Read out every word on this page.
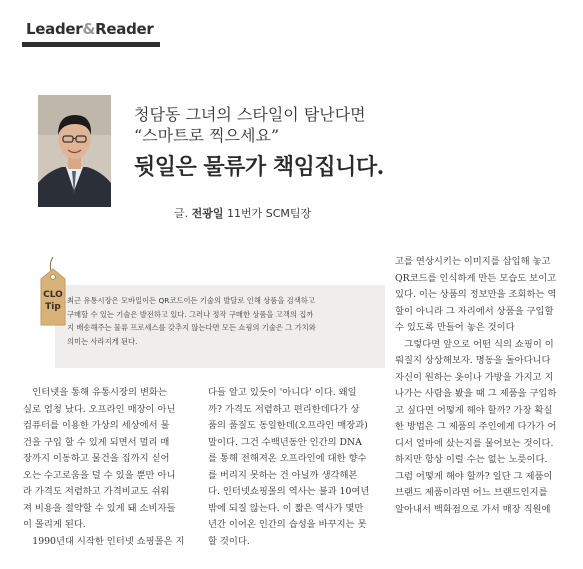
Leader&Reader
청담동 그녀의 스타일이 탐난다면
“스마트로 찍으세요”
뒷일은 물류가 책임집니다.
글. 전광일 11번가 SCM팀장
CLO
Tip
최근 유통시장은 모바일이든 QR코드이든 기술의 발달로 인해 상품을 검색하고
구매할 수 있는 기술은 발전하고 있다. 그러나 정작 구매한 상품을 고객의 집까
지 배송해주는 물류 프로세스를 갖추지 않는다면 모든 쇼핑의 기술은 그 가치와
의미는 사라지게 된다.
　인터넷을 통해 유통시장의 변화는
실로 엄청 났다. 오프라인 매장이 아닌
컴퓨터를 이용한 가상의 세상에서 물
건을 구입 할 수 있게 되면서 멀리 매
장까지 이동하고 물건을 집까지 싣어
오는 수고로움을 덜 수 있을 뿐만 아니
라 가격도 저렴하고 가격비교도 쉬워
져 비용을 절약할 수 있게 돼 소비자들
이 몰리게 된다.
　1990년대 시작한 인터넷 쇼핑몰은 지
다들 알고 있듯이 '아니다' 이다. 왜일
까? 가격도 저렴하고 편리한데다가 상
품의 품질도 동일한데(오프라인 매장과)
말이다. 그건 수백년동안 인간의 DNA
를 통해 전해져온 오프라인에 대한 향수
를 버리지 못하는 건 아닐까 생각해본
다. 인터넷쇼핑몰의 역사는 불과 10여년
밖에 되질 않는다. 이 짧은 역사가 몇만
년간 이어온 인간의 습성을 바꾸지는 못
할 것이다.
고를 연상시키는 이미지를 삽입해 놓고
QR코드를 인식하게 만든 모습도 보이고
있다. 이는 상품의 정보만을 조회하는 역
할이 아니라 그 자리에서 상품을 구입할
수 있도록 만들어 놓은 것이다
　그렇다면 앞으로 어떤 식의 쇼핑이 이
뤄질지 상상해보자. 명동을 돌아다니다
자신이 원하는 옷이나 가방을 가지고 지
나가는 사람을 봤을 때 그 제품을 구입하
고 싶다면 어떻게 해야 할까? 가장 확실
한 방법은 그 제품의 주인에게 다가가 어
디서 얼마에 샀는지를 물어보는 것이다.
하지만 항상 이럴 수는 없는 노릇이다.
그럼 어떻게 해야 할까? 일단 그 제품이
브랜드 제품이라면 어느 브랜드인지를
알아내서 백화점으로 가서 매장 직원에
